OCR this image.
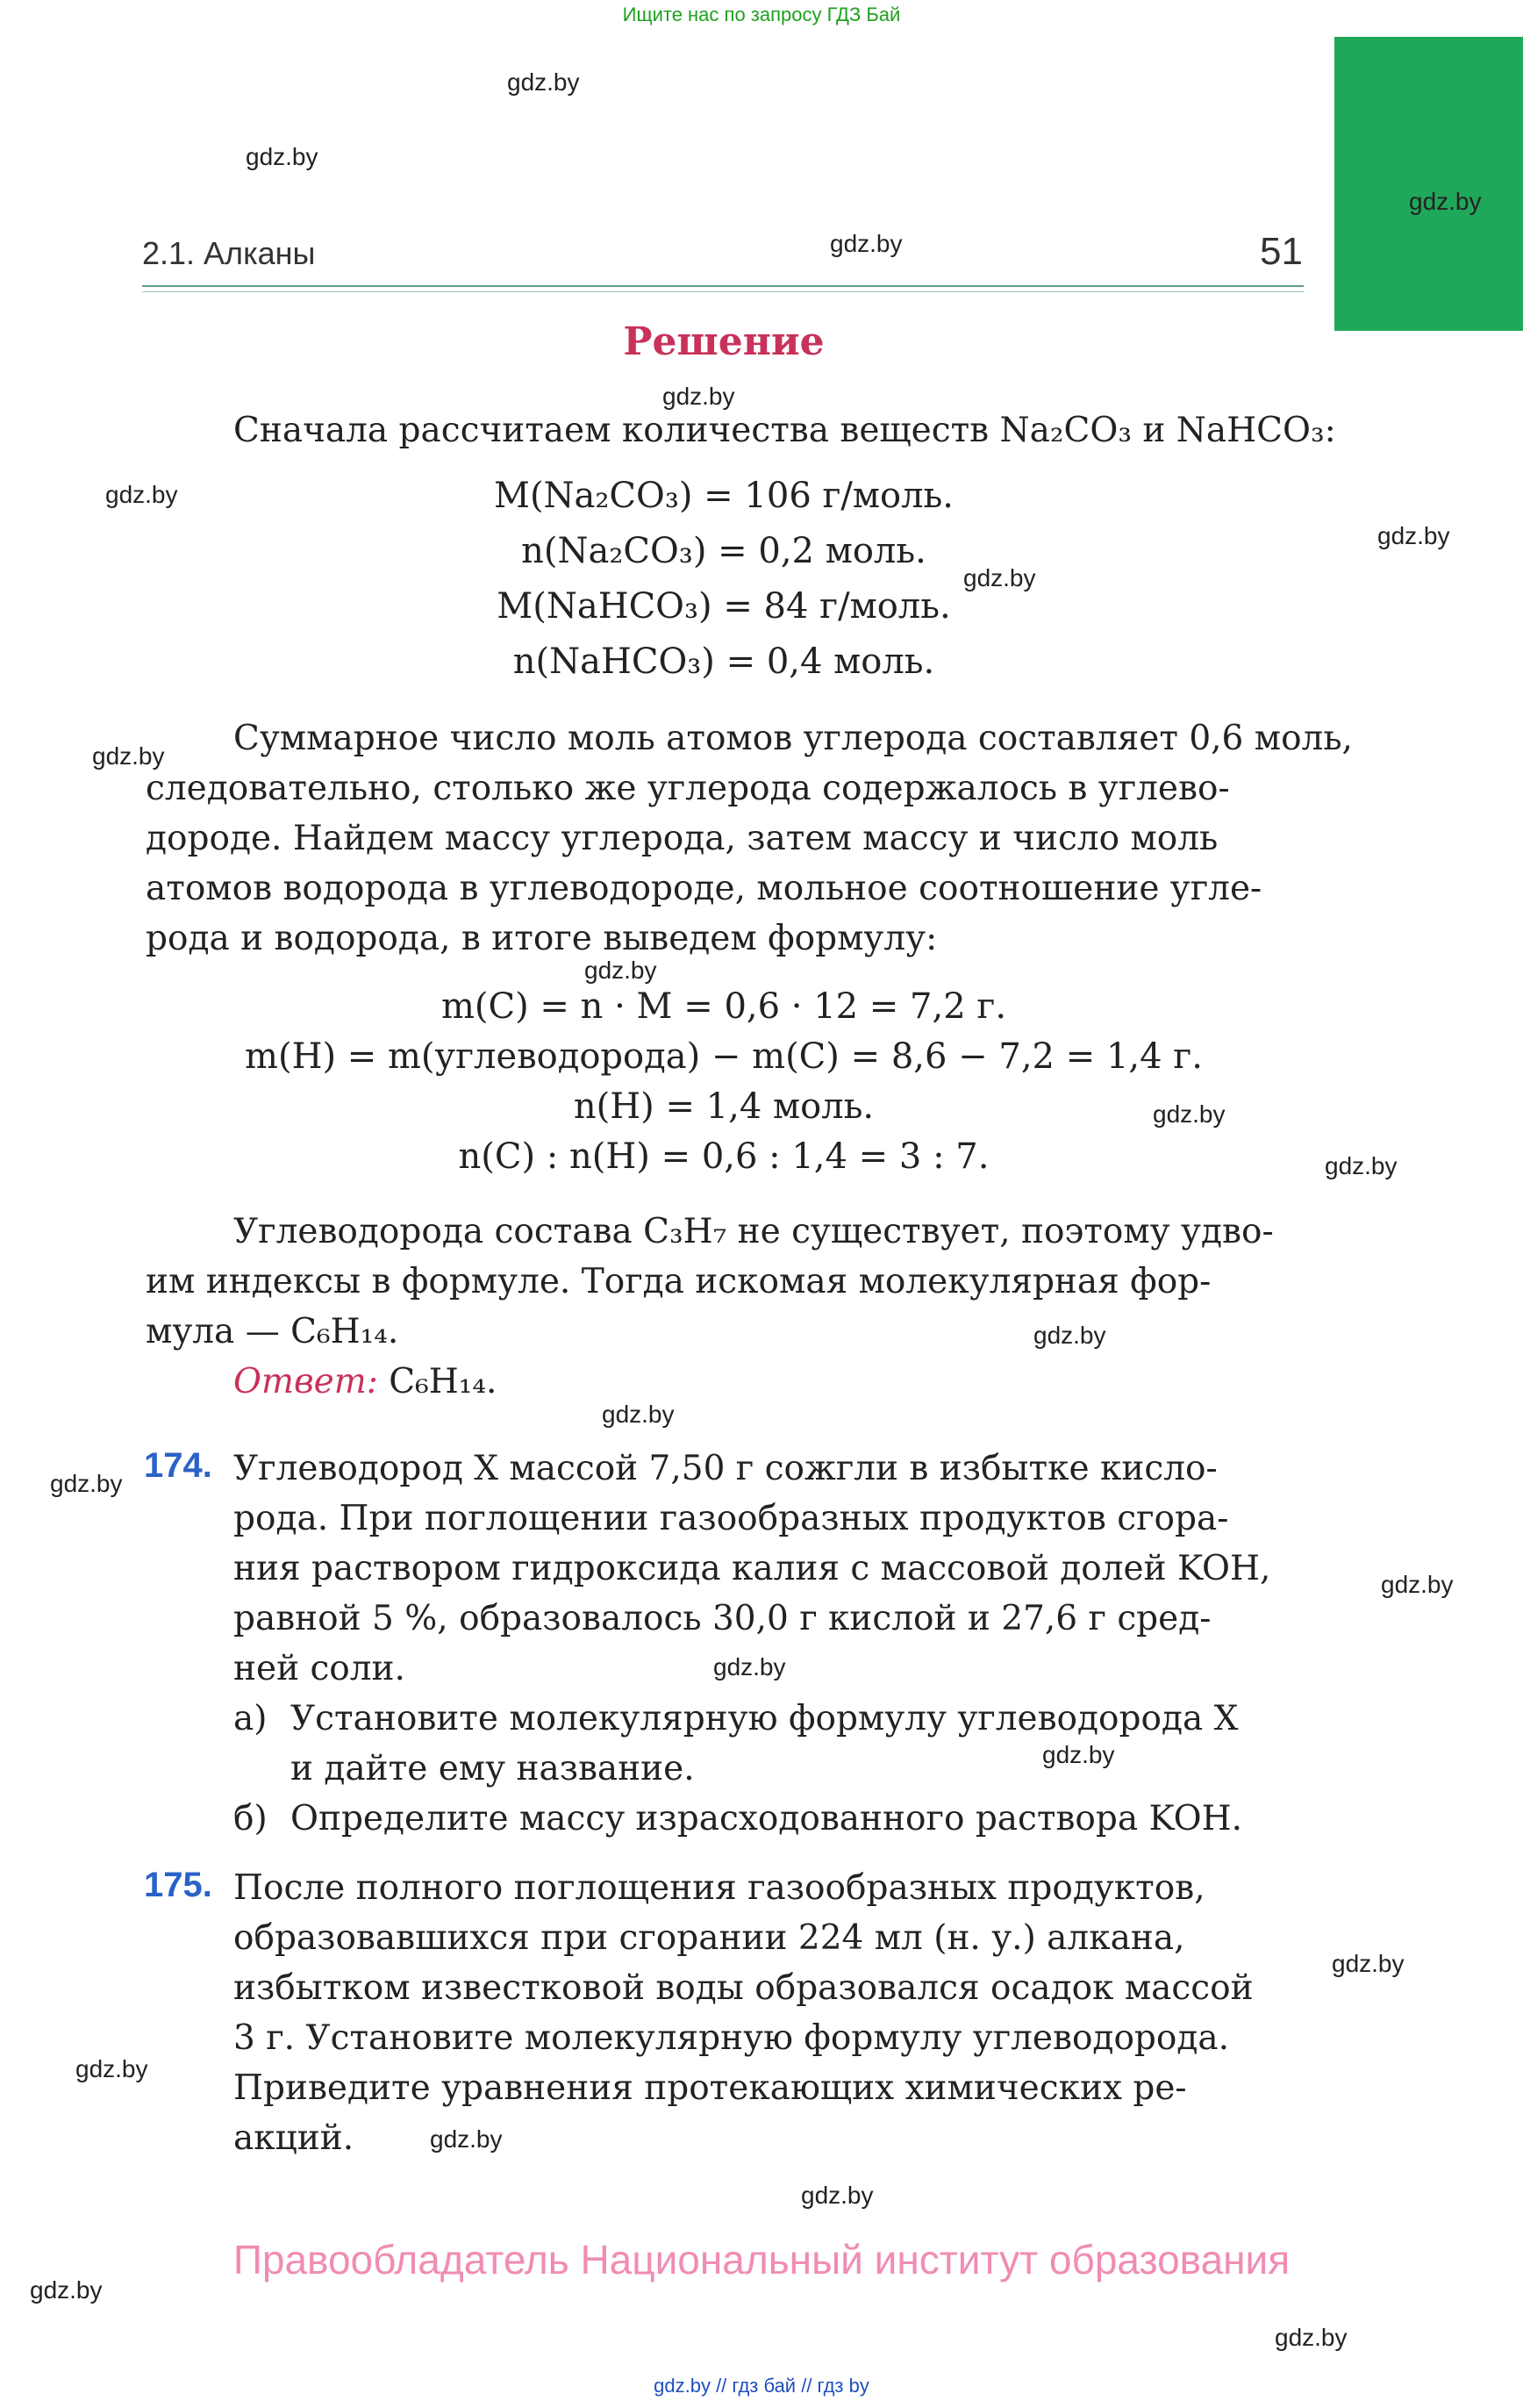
Ищите нас по запросу ГДЗ Бай
gdz.by
gdz.by
gdz.by
gdz.by
gdz.by
gdz.by
gdz.by
gdz.by
gdz.by
gdz.by
gdz.by
gdz.by
gdz.by
gdz.by
gdz.by
gdz.by
gdz.by
gdz.by
gdz.by
gdz.by
gdz.by
gdz.by
gdz.by
gdz.by
2.1. Алканы	51
Решение
Сначала рассчитаем количества веществ Na₂CO₃ и NaHCO₃:
M(Na₂CO₃) = 106 г/моль.
n(Na₂CO₃) = 0,2 моль.
M(NaHCO₃) = 84 г/моль.
n(NaHCO₃) = 0,4 моль.
Суммарное число моль атомов углерода составляет 0,6 моль,
следовательно, столько же углерода содержалось в углево-
дороде. Найдем массу углерода, затем массу и число моль
атомов водорода в углеводороде, мольное соотношение угле-
рода и водорода, в итоге выведем формулу:
m(C) = n · M = 0,6 · 12 = 7,2 г.
m(H) = m(углеводорода) − m(C) = 8,6 − 7,2 = 1,4 г.
n(H) = 1,4 моль.
n(C) : n(H) = 0,6 : 1,4 = 3 : 7.
Углеводорода состава C₃H₇ не существует, поэтому удво-
им индексы в формуле. Тогда искомая молекулярная фор-
мула — C₆H₁₄.
Ответ: C₆H₁₄.
174. Углеводород X массой 7,50 г сожгли в избытке кисло-
рода. При поглощении газообразных продуктов сгора-
ния раствором гидроксида калия с массовой долей KOH,
равной 5 %, образовалось 30,0 г кислой и 27,6 г сред-
ней соли.
а) Установите молекулярную формулу углеводорода X
и дайте ему название.
б) Определите массу израсходованного раствора KOH.
175. После полного поглощения газообразных продуктов,
образовавшихся при сгорании 224 мл (н. у.) алкана,
избытком известковой воды образовался осадок массой
3 г. Установите молекулярную формулу углеводорода.
Приведите уравнения протекающих химических ре-
акций.
Правообладатель Национальный институт образования
gdz.by // гдз бай // гдз by
